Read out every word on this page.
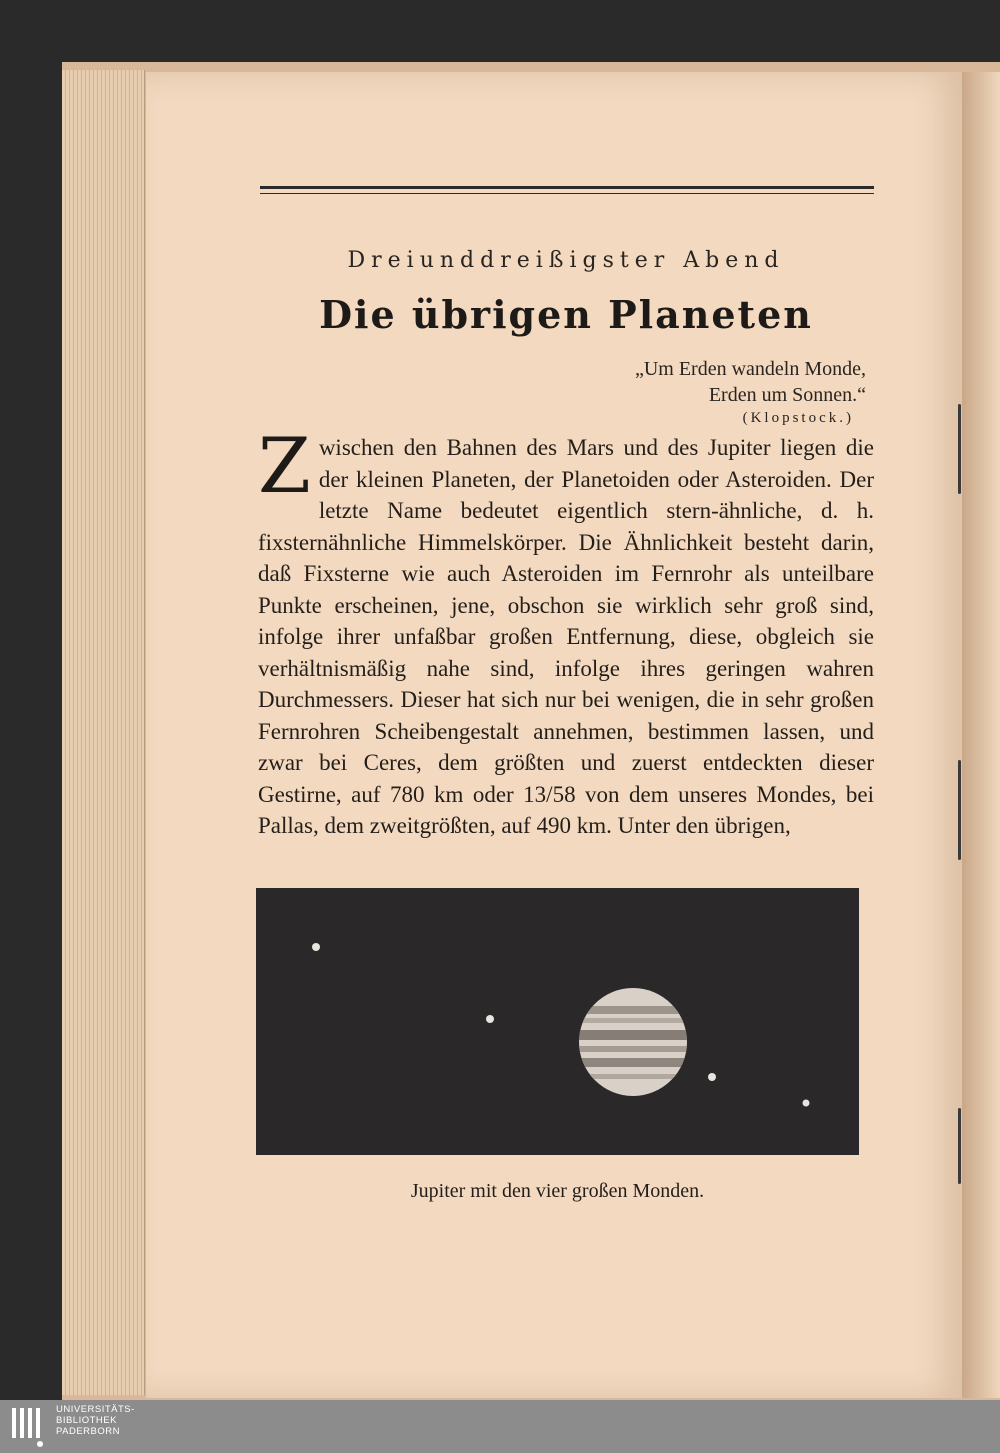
Dreiunddreißigster Abend
Die übrigen Planeten
„Um Erden wandeln Monde,
Erden um Sonnen.“
(Klopstock.)

Zwischen den Bahnen des Mars und des Jupiter liegen die der kleinen Planeten, der Planetoiden oder Asteroiden. Der letzte Name bedeutet eigentlich stern-ähnliche, d. h. fixsternähnliche Himmelskörper. Die Ähnlichkeit besteht darin, daß Fixsterne wie auch Asteroiden im Fernrohr als unteilbare Punkte erscheinen, jene, obschon sie wirklich sehr groß sind, infolge ihrer unfaßbar großen Entfernung, diese, obgleich sie verhältnismäßig nahe sind, infolge ihres geringen wahren Durchmessers. Dieser hat sich nur bei wenigen, die in sehr großen Fernrohren Scheibengestalt annehmen, bestimmen lassen, und zwar bei Ceres, dem größten und zuerst entdeckten dieser Gestirne, auf 780 km oder 13/58 von dem unseres Mondes, bei Pallas, dem zweitgrößten, auf 490 km. Unter den übrigen,

Jupiter mit den vier großen Monden.
UNIVERSITÄTS-
BIBLIOTHEK
PADERBORN
